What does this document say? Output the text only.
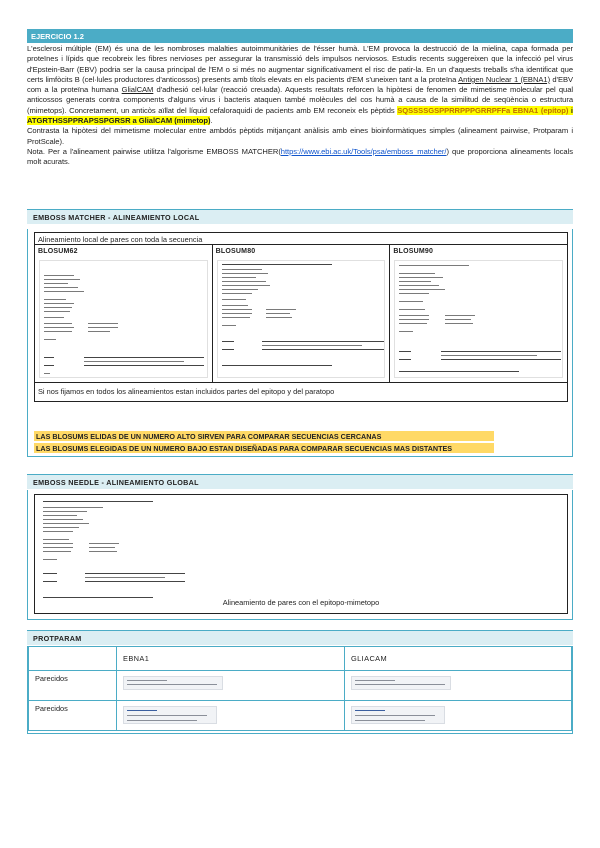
EJERCICIO 1.2

L'esclerosi múltiple (EM) és una de les nombroses malalties autoimmunitàries de l'ésser humà. L'EM provoca la destrucció de la mielina, capa formada per proteïnes i lípids que recobreix les fibres nervioses per assegurar la transmissió dels impulsos nerviosos. Estudis recents suggereixen que la infecció pel virus d'Epstein-Barr (EBV) podria ser la causa principal de l'EM o si més no augmentar significativament el risc de patir-la. En un d'aquests treballs s'ha identificat que certs limfòcits B (cel·lules productores d'anticossos) presents amb títols elevats en els pacients d'EM s'uneixen tant a la proteïna Antigen Nuclear 1 (EBNA1) d'EBV com a la proteïna humana GlialCAM d'adhesió cel·lular (reacció creuada). Aquests resultats reforcen la hipòtesi de fenomen de mimetisme molecular pel qual anticossos generats contra components d'alguns virus i bacteris ataquen també molècules del cos humà a causa de la similitud de seqüència o estructura (mimetops). Concretament, un anticòs aïllat del líquid cefaloraquidi de pacients amb EM reconeix els pèptids SQSSSSGSPPRRPPPGRRPFFa EBNA1 (epítop) i ATGRTHSSPPRAPSSPGRSR a GlialCAM (mimetop).

Contrasta la hipòtesi del mimetisme molecular entre ambdós pèptids mitjançant anàlisis amb eines bioinformàtiques simples (alineament pairwise, Protparam i ProtScale).

Nota. Per a l'alineament pairwise utilitza l'algorisme EMBOSS MATCHER(https://www.ebi.ac.uk/Tools/psa/emboss_matcher/) que proporciona alineaments locals molt acurats.

EMBOSS MATCHER - ALINEAMIENTO LOCAL
Alineamiento local de pares con toda la secuencia
BLOSUM62	BLOSUM80	BLOSUM90
Si nos fijamos en todos los alineamientos estan incluidos partes del epitopo y del paratopo
LAS BLOSUMS ELIDAS DE UN NUMERO ALTO SIRVEN PARA COMPARAR SECUENCIAS CERCANAS
LAS BLOSUMS ELEGIDAS DE UN NUMERO BAJO ESTAN DISEÑADAS PARA COMPARAR SECUENCIAS MAS DISTANTES
EMBOSS NEEDLE - ALINEAMIENTO GLOBAL
Alineamiento de pares con el epitopo-mimetopo
PROTPARAM
	EBNA1	GLIACAM
Parecidos	

Parecidos	
